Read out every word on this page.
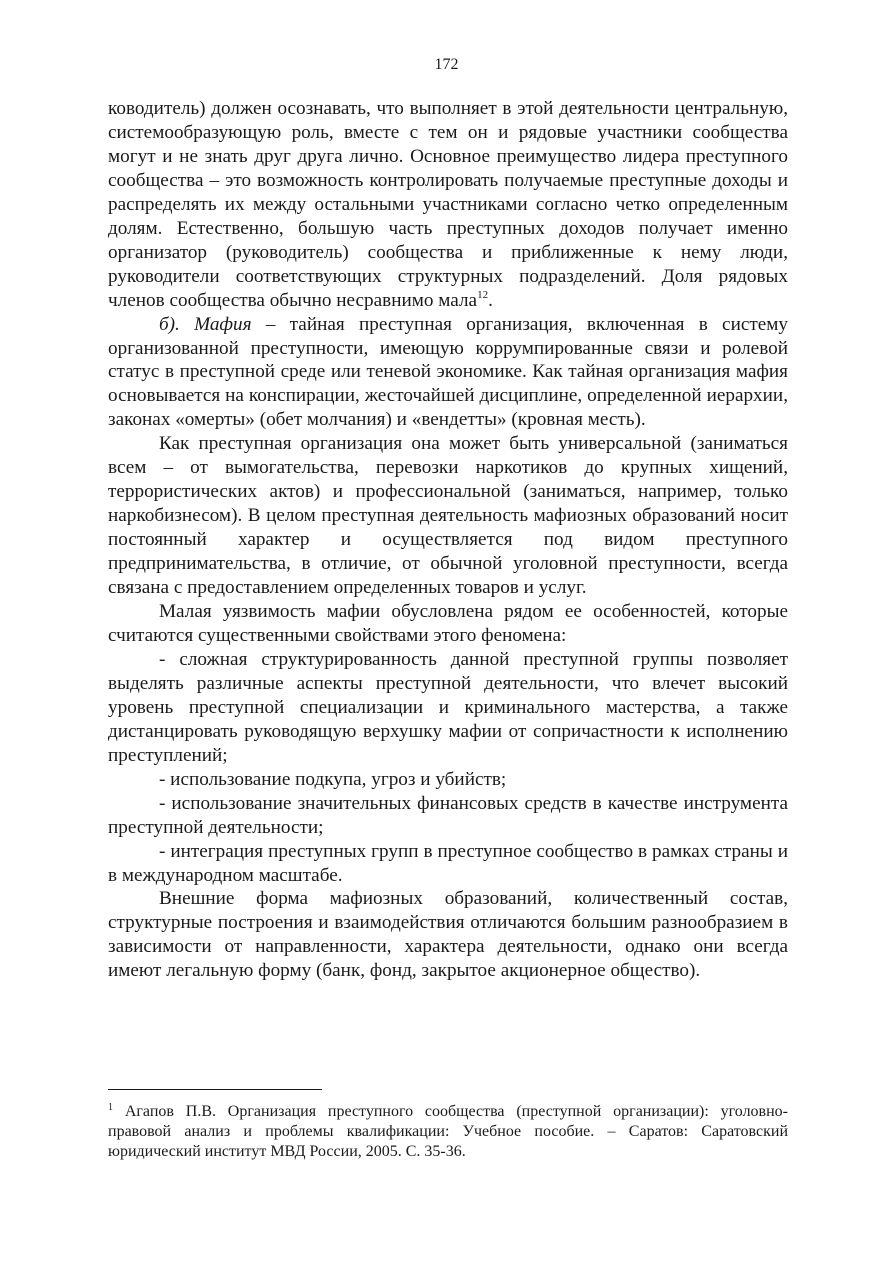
172

ководитель) должен осознавать, что выполняет в этой деятельности центральную, системообразующую роль, вместе с тем он и рядовые участники сообщества могут и не знать друг друга лично. Основное преимущество лидера преступного сообщества – это возможность контролировать получаемые преступные доходы и распределять их между остальными участниками согласно четко определенным долям. Естественно, большую часть преступных доходов получает именно организатор (руководитель) сообщества и приближенные к нему люди, руководители соответствующих структурных подразделений. Доля рядовых членов сообщества обычно несравнимо мала$^{12}$.

б). Мафия – тайная преступная организация, включенная в систему организованной преступности, имеющую коррумпированные связи и ролевой статус в преступной среде или теневой экономике. Как тайная организация мафия основывается на конспирации, жесточайшей дисциплине, определенной иерархии, законах «омерты» (обет молчания) и «вендетты» (кровная месть).

Как преступная организация она может быть универсальной (заниматься всем – от вымогательства, перевозки наркотиков до крупных хищений, террористических актов) и профессиональной (заниматься, например, только наркобизнесом). В целом преступная деятельность мафиозных образований носит постоянный характер и осуществляется под видом преступного предпринимательства, в отличие, от обычной уголовной преступности, всегда связана с предоставлением определенных товаров и услуг.

Малая уязвимость мафии обусловлена рядом ее особенностей, которые считаются существенными свойствами этого феномена:

- сложная структурированность данной преступной группы позволяет выделять различные аспекты преступной деятельности, что влечет высокий уровень преступной специализации и криминального мастерства, а также дистанцировать руководящую верхушку мафии от сопричастности к исполнению преступлений;

- использование подкупа, угроз и убийств;

- использование значительных финансовых средств в качестве инструмента преступной деятельности;

- интеграция преступных групп в преступное сообщество в рамках страны и в международном масштабе.

Внешние форма мафиозных образований, количественный состав, структурные построения и взаимодействия отличаются большим разнообразием в зависимости от направленности, характера деятельности, однако они всегда имеют легальную форму (банк, фонд, закрытое акционерное общество).

$^1$ Агапов П.В. Организация преступного сообщества (преступной организации): уголовно-правовой анализ и проблемы квалификации: Учебное пособие. – Саратов: Саратовский юридический институт МВД России, 2005. С. 35-36.
